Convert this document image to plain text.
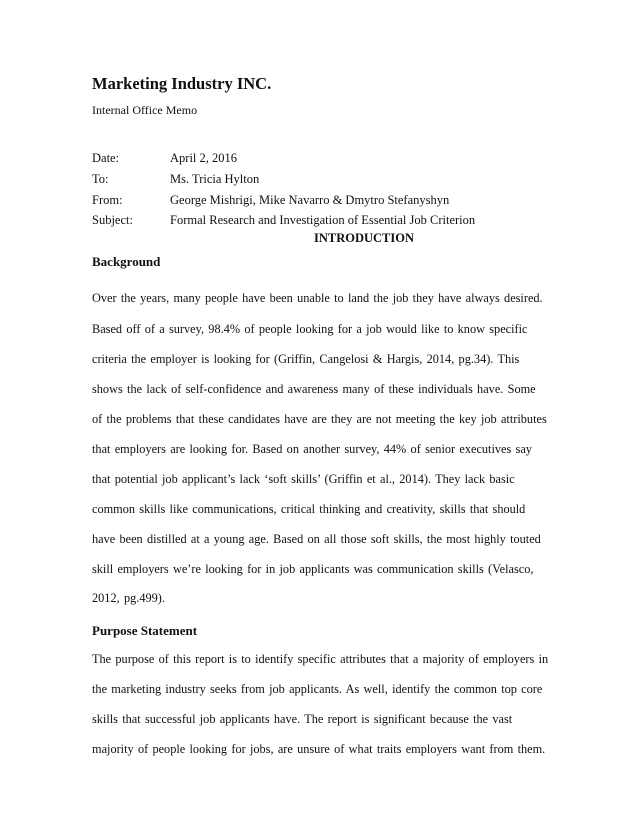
Marketing Industry INC.
Internal Office Memo
Date:	April 2, 2016
To:	Ms. Tricia Hylton
From:	George Mishrigi, Mike Navarro & Dmytro Stefanyshyn
Subject:	Formal Research and Investigation of Essential Job Criterion
INTRODUCTION
Background
Over the years, many people have been unable to land the job they have always desired.
Based off of a survey, 98.4% of people looking for a job would like to know specific
criteria the employer is looking for (Griffin, Cangelosi & Hargis, 2014, pg.34). This
shows the lack of self-confidence and awareness many of these individuals have. Some
of the problems that these candidates have are they are not meeting the key job attributes
that employers are looking for. Based on another survey, 44% of senior executives say
that potential job applicant’s lack ‘soft skills’ (Griffin et al., 2014). They lack basic
common skills like communications, critical thinking and creativity, skills that should
have been distilled at a young age. Based on all those soft skills, the most highly touted
skill employers we’re looking for in job applicants was communication skills (Velasco,
2012, pg.499).
Purpose Statement
The purpose of this report is to identify specific attributes that a majority of employers in
the marketing industry seeks from job applicants. As well, identify the common top core
skills that successful job applicants have. The report is significant because the vast
majority of people looking for jobs, are unsure of what traits employers want from them.
